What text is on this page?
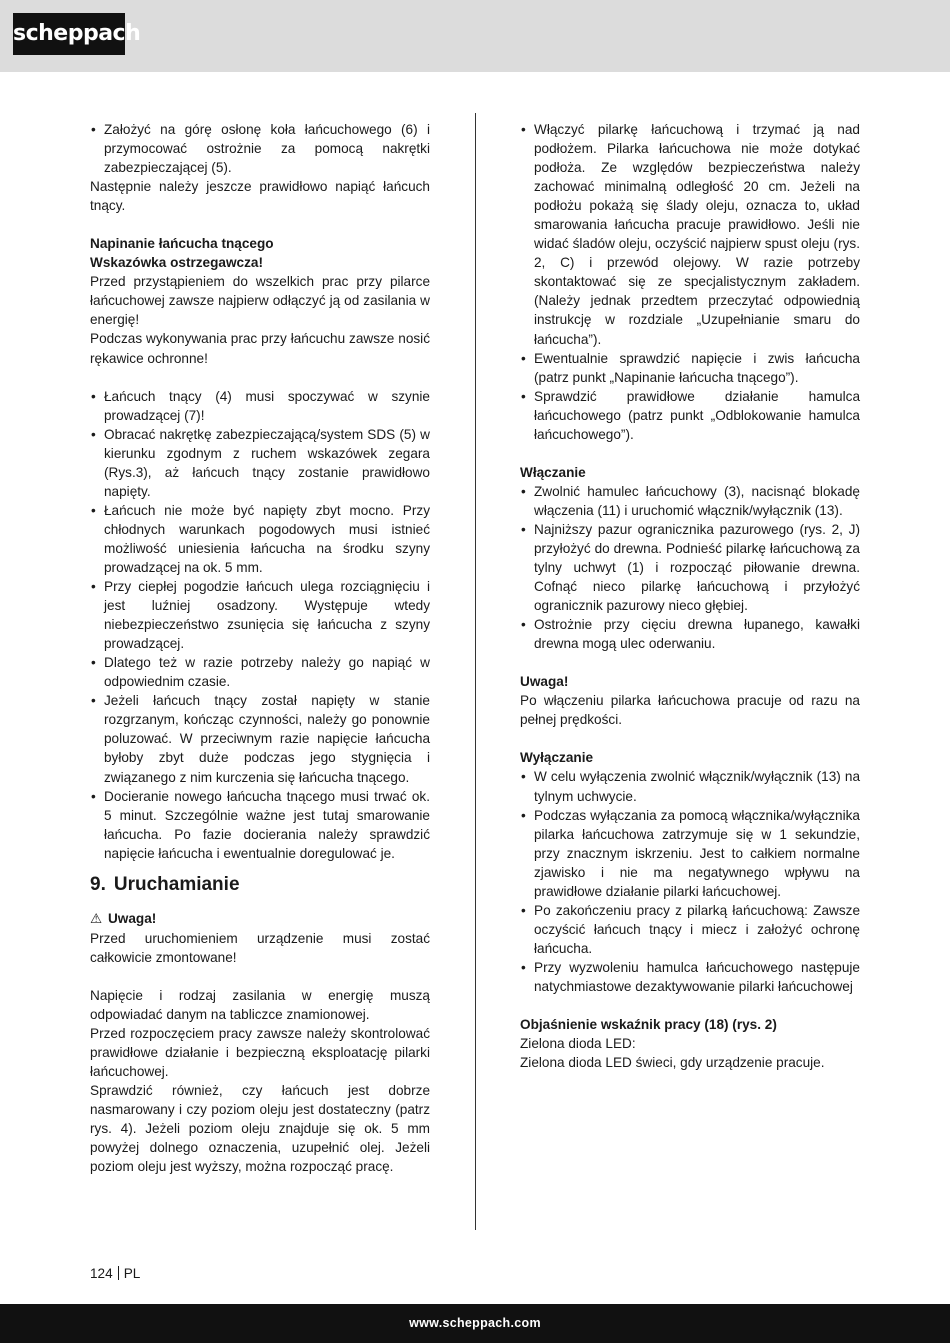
scheppach
• Założyć na górę osłonę koła łańcuchowego (6) i przymocować ostrożnie za pomocą nakrętki zabezpieczającej (5).

Następnie należy jeszcze prawidłowo napiąć łańcuch tnący.

Napinanie łańcucha tnącego

Wskazówka ostrzegawcza!

Przed przystąpieniem do wszelkich prac przy pilarce łańcuchowej zawsze najpierw odłączyć ją od zasilania w energię!

Podczas wykonywania prac przy łańcuchu zawsze nosić rękawice ochronne!

• Łańcuch tnący (4) musi spoczywać w szynie prowadzącej (7)!
• Obracać nakrętkę zabezpieczającą/system SDS (5) w kierunku zgodnym z ruchem wskazówek zegara (Rys.3), aż łańcuch tnący zostanie prawidłowo napięty.
• Łańcuch nie może być napięty zbyt mocno. Przy chłodnych warunkach pogodowych musi istnieć możliwość uniesienia łańcucha na środku szyny prowadzącej na ok. 5 mm.
• Przy ciepłej pogodzie łańcuch ulega rozciągnięciu i jest luźniej osadzony. Występuje wtedy niebezpieczeństwo zsunięcia się łańcucha z szyny prowadzącej.
• Dlatego też w razie potrzeby należy go napiąć w odpowiednim czasie.
• Jeżeli łańcuch tnący został napięty w stanie rozgrzanym, kończąc czynności, należy go ponownie poluzować. W przeciwnym razie napięcie łańcucha byłoby zbyt duże podczas jego stygnięcia i związanego z nim kurczenia się łańcucha tnącego.
• Docieranie nowego łańcucha tnącego musi trwać ok. 5 minut. Szczególnie ważne jest tutaj smarowanie łańcucha. Po fazie docierania należy sprawdzić napięcie łańcucha i ewentualnie doregulować je.
9. Uruchamianie

⚠ Uwaga!

Przed uruchomieniem urządzenie musi zostać całkowicie zmontowane!

Napięcie i rodzaj zasilania w energię muszą odpowiadać danym na tabliczce znamionowej.

Przed rozpoczęciem pracy zawsze należy skontrolować prawidłowe działanie i bezpieczną eksploatację pilarki łańcuchowej.

Sprawdzić również, czy łańcuch jest dobrze nasmarowany i czy poziom oleju jest dostateczny (patrz rys. 4). Jeżeli poziom oleju znajduje się ok. 5 mm powyżej dolnego oznaczenia, uzupełnić olej. Jeżeli poziom oleju jest wyższy, można rozpocząć pracę.

• Włączyć pilarkę łańcuchową i trzymać ją nad podłożem. Pilarka łańcuchowa nie może dotykać podłoża. Ze względów bezpieczeństwa należy zachować minimalną odległość 20 cm. Jeżeli na podłożu pokażą się ślady oleju, oznacza to, układ smarowania łańcucha pracuje prawidłowo. Jeśli nie widać śladów oleju, oczyścić najpierw spust oleju (rys. 2, C) i przewód olejowy. W razie potrzeby skontaktować się ze specjalistycznym zakładem. (Należy jednak przedtem przeczytać odpowiednią instrukcję w rozdziale „Uzupełnianie smaru do łańcucha”).
• Ewentualnie sprawdzić napięcie i zwis łańcucha (patrz punkt „Napinanie łańcucha tnącego”).
• Sprawdzić prawidłowe działanie hamulca łańcuchowego (patrz punkt „Odblokowanie hamulca łańcuchowego”).

Włączanie

• Zwolnić hamulec łańcuchowy (3), nacisnąć blokadę włączenia (11) i uruchomić włącznik/wyłącznik (13).
• Najniższy pazur ogranicznika pazurowego (rys. 2, J) przyłożyć do drewna. Podnieść pilarkę łańcuchową za tylny uchwyt (1) i rozpocząć piłowanie drewna. Cofnąć nieco pilarkę łańcuchową i przyłożyć ogranicznik pazurowy nieco głębiej.
• Ostrożnie przy cięciu drewna łupanego, kawałki drewna mogą ulec oderwaniu.

Uwaga!

Po włączeniu pilarka łańcuchowa pracuje od razu na pełnej prędkości.

Wyłączanie

• W celu wyłączenia zwolnić włącznik/wyłącznik (13) na tylnym uchwycie.
• Podczas wyłączania za pomocą włącznika/wyłącznika pilarka łańcuchowa zatrzymuje się w 1 sekundzie, przy znacznym iskrzeniu. Jest to całkiem normalne zjawisko i nie ma negatywnego wpływu na prawidłowe działanie pilarki łańcuchowej.
• Po zakończeniu pracy z pilarką łańcuchową: Zawsze oczyścić łańcuch tnący i miecz i założyć ochronę łańcucha.
• Przy wyzwoleniu hamulca łańcuchowego następuje natychmiastowe dezaktywowanie pilarki łańcuchowej

Objaśnienie wskaźnik pracy (18) (rys. 2)

Zielona dioda LED:

Zielona dioda LED świeci, gdy urządzenie pracuje.

124 PL
www.scheppach.com
